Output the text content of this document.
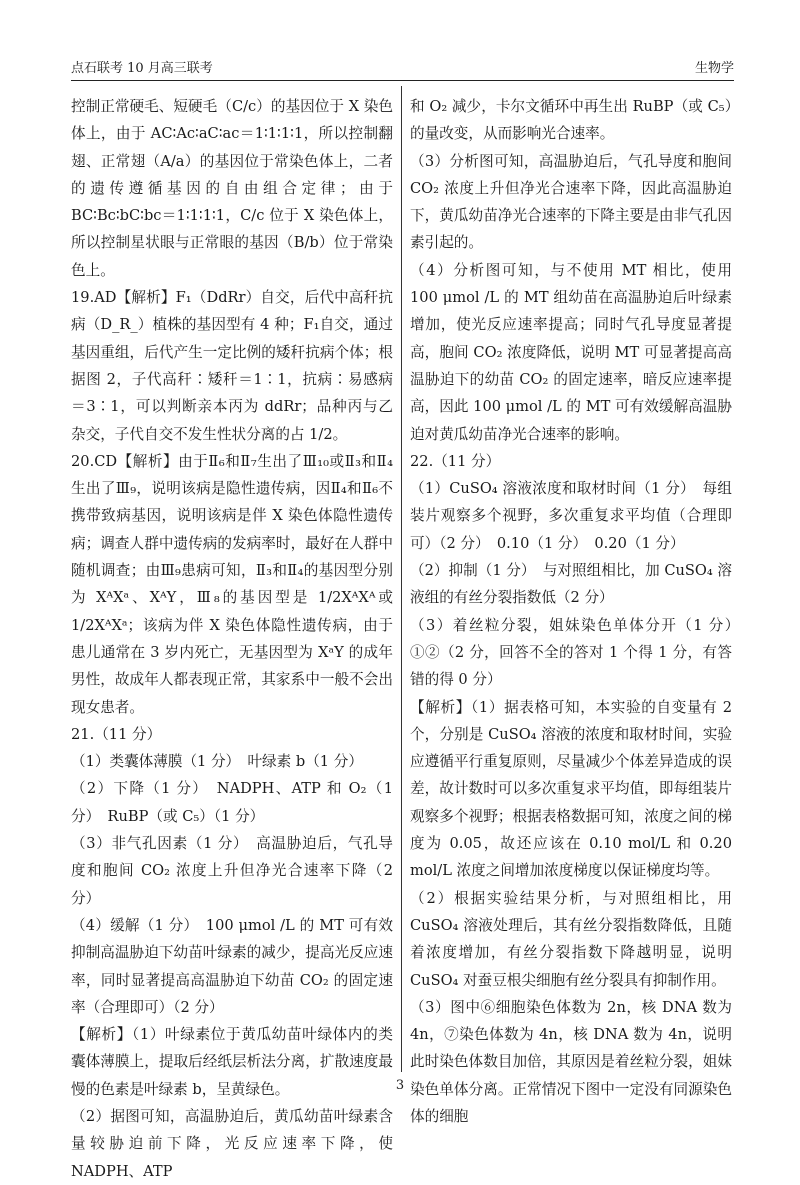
点石联考 10 月高三联考	生物学

控制正常硬毛、短硬毛（C/c）的基因位于 X 染色体上，由于 AC∶Ac∶aC∶ac＝1∶1∶1∶1，所以控制翻翅、正常翅（A/a）的基因位于常染色体上，二者的遗传遵循基因的自由组合定律；由于 BC∶Bc∶bC∶bc＝1∶1∶1∶1，C/c 位于 X 染色体上，所以控制星状眼与正常眼的基因（B/b）位于常染色上。

19.AD【解析】F₁（DdRr）自交，后代中高秆抗病（D_R_）植株的基因型有 4 种；F₁自交，通过基因重组，后代产生一定比例的矮秆抗病个体；根据图 2，子代高秆∶矮秆＝1∶1，抗病∶易感病＝3∶1，可以判断亲本丙为 ddRr；品种丙与乙杂交，子代自交不发生性状分离的占 1/2。

20.CD【解析】由于Ⅱ₆和Ⅱ₇生出了Ⅲ₁₀或Ⅱ₃和Ⅱ₄生出了Ⅲ₉，说明该病是隐性遗传病，因Ⅱ₄和Ⅱ₆不携带致病基因，说明该病是伴 X 染色体隐性遗传病；调查人群中遗传病的发病率时，最好在人群中随机调查；由Ⅲ₉患病可知，Ⅱ₃和Ⅱ₄的基因型分别为 XᴬXᵃ、XᴬY，Ⅲ₈的基因型是 1/2XᴬXᴬ或 1/2XᴬXᵃ；该病为伴 X 染色体隐性遗传病，由于患儿通常在 3 岁内死亡，无基因型为 XᵃY 的成年男性，故成年人都表现正常，其家系中一般不会出现女患者。

21.（11 分）

（1）类囊体薄膜（1 分）　叶绿素 b（1 分）

（2）下降（1 分）　NADPH、ATP 和 O₂（1 分）　RuBP（或 C₅）（1 分）

（3）非气孔因素（1 分）　高温胁迫后，气孔导度和胞间 CO₂ 浓度上升但净光合速率下降（2 分）

（4）缓解（1 分）　100 μmol /L 的 MT 可有效抑制高温胁迫下幼苗叶绿素的减少，提高光反应速率，同时显著提高高温胁迫下幼苗 CO₂ 的固定速率（合理即可）（2 分）

【解析】（1）叶绿素位于黄瓜幼苗叶绿体内的类囊体薄膜上，提取后经纸层析法分离，扩散速度最慢的色素是叶绿素 b，呈黄绿色。

（2）据图可知，高温胁迫后，黄瓜幼苗叶绿素含量较胁迫前下降，光反应速率下降，使 NADPH、ATP

和 O₂ 减少，卡尔文循环中再生出 RuBP（或 C₅）的量改变，从而影响光合速率。

（3）分析图可知，高温胁迫后，气孔导度和胞间 CO₂ 浓度上升但净光合速率下降，因此高温胁迫下，黄瓜幼苗净光合速率的下降主要是由非气孔因素引起的。

（4）分析图可知，与不使用 MT 相比，使用 100 μmol /L 的 MT 组幼苗在高温胁迫后叶绿素增加，使光反应速率提高；同时气孔导度显著提高，胞间 CO₂ 浓度降低，说明 MT 可显著提高高温胁迫下的幼苗 CO₂ 的固定速率，暗反应速率提高，因此 100 μmol /L 的 MT 可有效缓解高温胁迫对黄瓜幼苗净光合速率的影响。

22.（11 分）

（1）CuSO₄ 溶液浓度和取材时间（1 分）　每组装片观察多个视野，多次重复求平均值（合理即可）（2 分）　0.10（1 分）　0.20（1 分）

（2）抑制（1 分）　与对照组相比，加 CuSO₄ 溶液组的有丝分裂指数低（2 分）

（3）着丝粒分裂，姐妹染色单体分开（1 分）　①②（2 分，回答不全的答对 1 个得 1 分，有答错的得 0 分）

【解析】（1）据表格可知，本实验的自变量有 2 个，分别是 CuSO₄ 溶液的浓度和取材时间，实验应遵循平行重复原则，尽量减少个体差异造成的误差，故计数时可以多次重复求平均值，即每组装片观察多个视野；根据表格数据可知，浓度之间的梯度为 0.05，故还应该在 0.10 mol/L 和 0.20 mol/L 浓度之间增加浓度梯度以保证梯度均等。

（2）根据实验结果分析，与对照组相比，用 CuSO₄ 溶液处理后，其有丝分裂指数降低，且随着浓度增加，有丝分裂指数下降越明显，说明 CuSO₄ 对蚕豆根尖细胞有丝分裂具有抑制作用。

（3）图中⑥细胞染色体数为 2n，核 DNA 数为 4n，⑦染色体数为 4n，核 DNA 数为 4n，说明此时染色体数目加倍，其原因是着丝粒分裂，姐妹染色单体分离。正常情况下图中一定没有同源染色体的细胞

3
